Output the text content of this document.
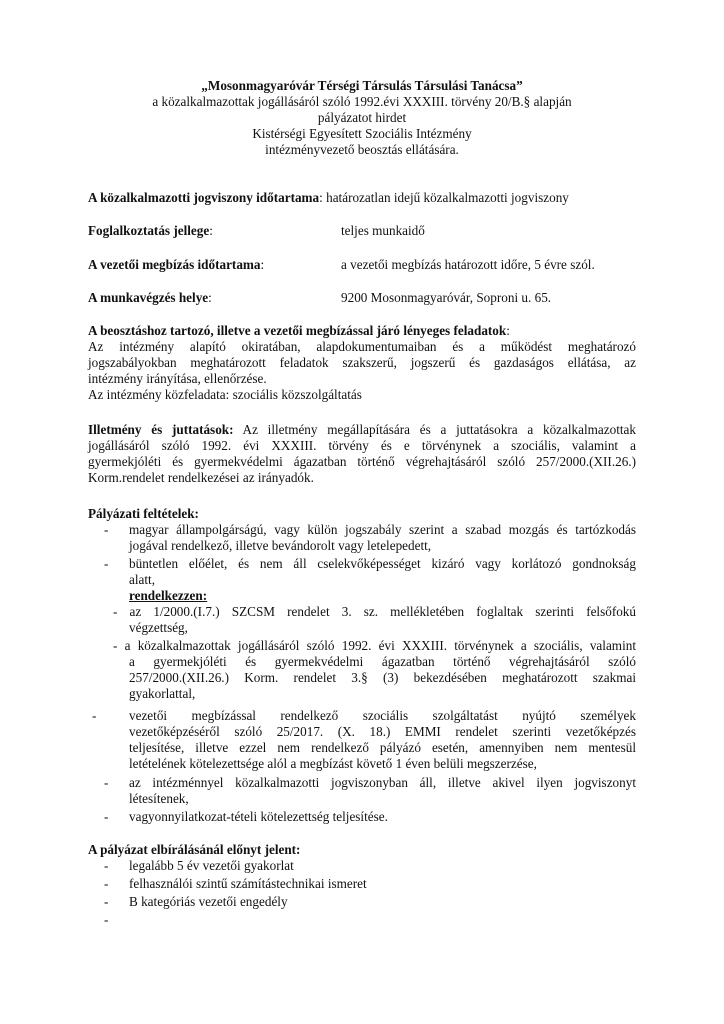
„Mosonmagyaróvár Térségi Társulás Társulási Tanácsa”
a közalkalmazottak jogállásáról szóló 1992.évi XXXIII. törvény 20/B.§ alapján
pályázatot hirdet
Kistérségi Egyesített Szociális Intézmény
intézményvezető beosztás ellátására.
A közalkalmazotti jogviszony időtartama: határozatlan idejű közalkalmazotti jogviszony
Foglalkoztatás jellege:	teljes munkaidő
A vezetői megbízás időtartama:	a vezetői megbízás határozott időre, 5 évre szól.
A munkavégzés helye:	9200 Mosonmagyaróvár, Soproni u. 65.
A beosztáshoz tartozó, illetve a vezetői megbízással járó lényeges feladatok:
Az intézmény alapító okiratában, alapdokumentumaiban és a működést meghatározó
jogszabályokban meghatározott feladatok szakszerű, jogszerű és gazdaságos ellátása, az
intézmény irányítása, ellenőrzése.
Az intézmény közfeladata: szociális közszolgáltatás
Illetmény és juttatások: Az illetmény megállapítására és a juttatásokra a közalkalmazottak
jogállásáról szóló 1992. évi XXXIII. törvény és e törvénynek a szociális, valamint a
gyermekjóléti és gyermekvédelmi ágazatban történő végrehajtásáról szóló 257/2000.(XII.26.)
Korm.rendelet rendelkezései az irányadók.
Pályázati feltételek:
- magyar állampolgárságú, vagy külön jogszabály szerint a szabad mozgás és tartózkodás
jogával rendelkező, illetve bevándorolt vagy letelepedett,
- büntetlen előélet, és nem áll cselekvőképességet kizáró vagy korlátozó gondnokság
alatt,
rendelkezzen:
- az 1/2000.(I.7.) SZCSM rendelet 3. sz. mellékletében foglaltak szerinti felsőfokú
végzettség,
- a közalkalmazottak jogállásáról szóló 1992. évi XXXIII. törvénynek a szociális, valamint
a gyermekjóléti és gyermekvédelmi ágazatban történő végrehajtásáról szóló
257/2000.(XII.26.) Korm. rendelet 3.§ (3) bekezdésében meghatározott szakmai
gyakorlattal,
- vezetői megbízással rendelkező szociális szolgáltatást nyújtó személyek
vezetőképzéséről szóló 25/2017. (X. 18.) EMMI rendelet szerinti vezetőképzés
teljesítése, illetve ezzel nem rendelkező pályázó esetén, amennyiben nem mentesül
letételének kötelezettsége alól a megbízást követő 1 éven belüli megszerzése,
- az intézménnyel közalkalmazotti jogviszonyban áll, illetve akivel ilyen jogviszonyt
létesítenek,
- vagyonnyilatkozat-tételi kötelezettség teljesítése.
A pályázat elbírálásánál előnyt jelent:
- legalább 5 év vezetői gyakorlat
- felhasználói szintű számítástechnikai ismeret
- B kategóriás vezetői engedély
-
